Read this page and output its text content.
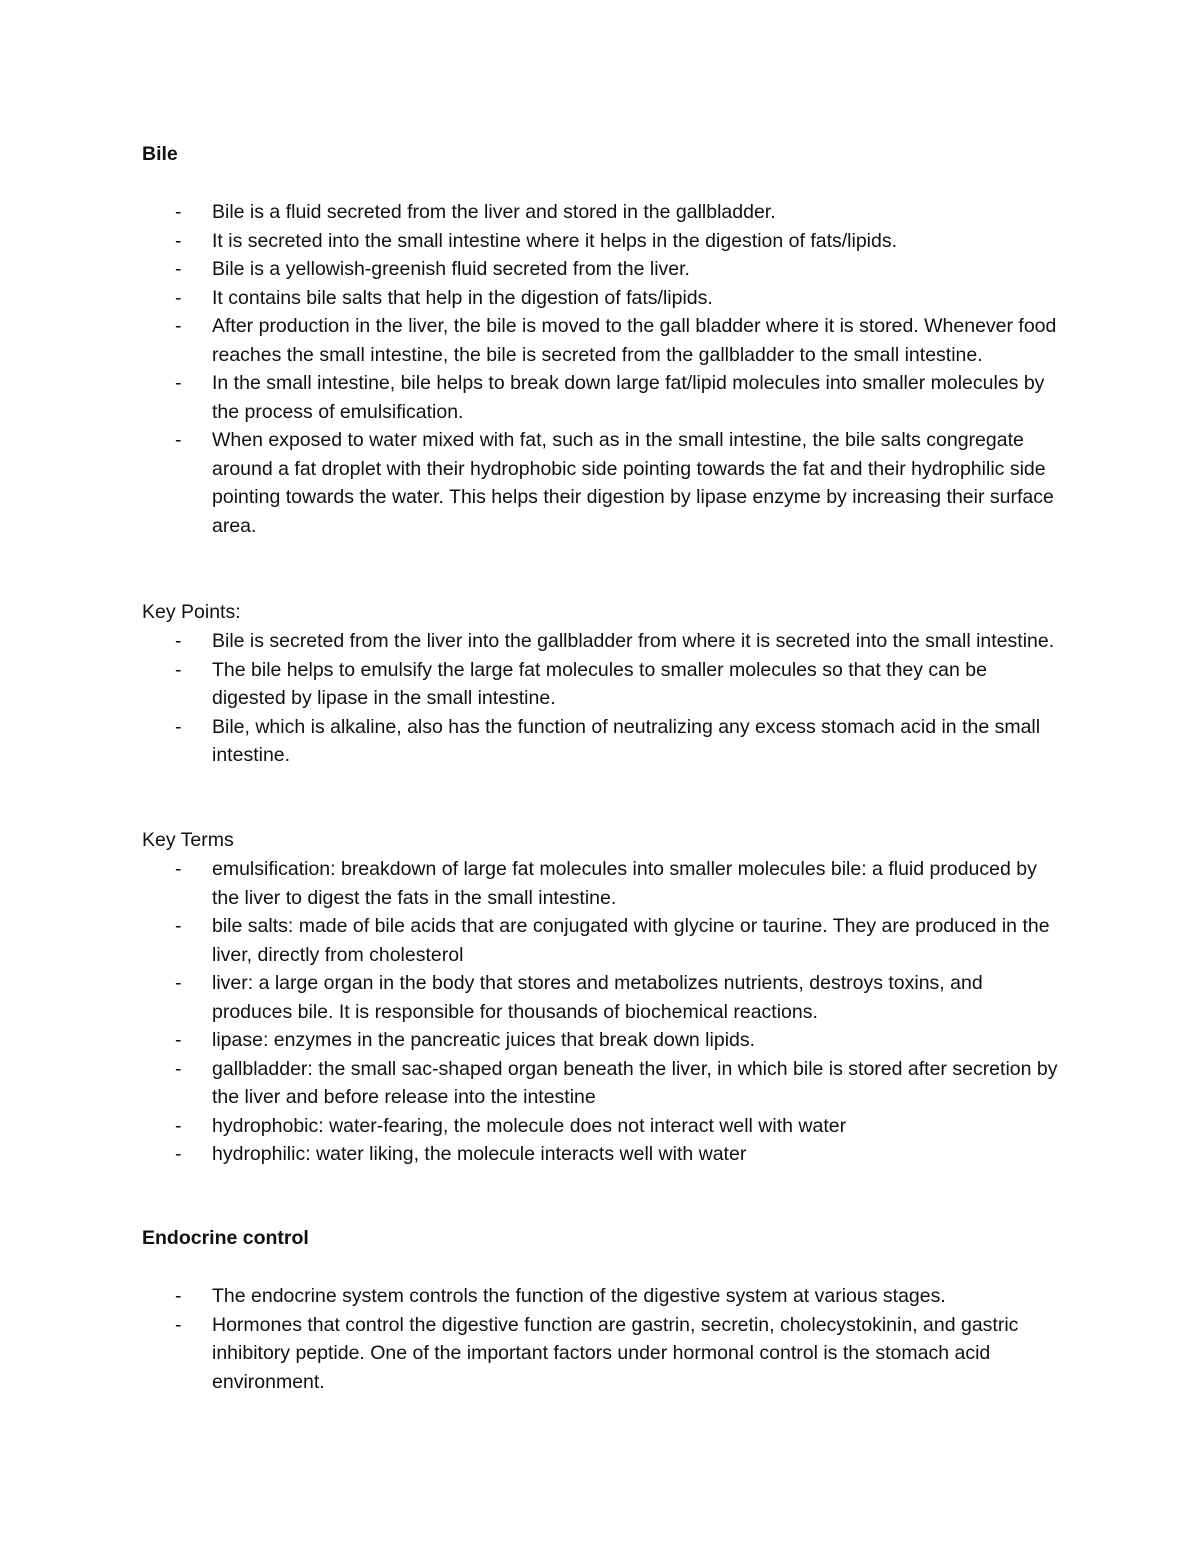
Bile
- Bile is a fluid secreted from the liver and stored in the gallbladder.
- It is secreted into the small intestine where it helps in the digestion of fats/lipids.
- Bile is a yellowish-greenish fluid secreted from the liver.
- It contains bile salts that help in the digestion of fats/lipids.
- After production in the liver, the bile is moved to the gall bladder where it is stored. Whenever food reaches the small intestine, the bile is secreted from the gallbladder to the small intestine.
- In the small intestine, bile helps to break down large fat/lipid molecules into smaller molecules by the process of emulsification.
- When exposed to water mixed with fat, such as in the small intestine, the bile salts congregate around a fat droplet with their hydrophobic side pointing towards the fat and their hydrophilic side pointing towards the water. This helps their digestion by lipase enzyme by increasing their surface area.

Key Points:

- Bile is secreted from the liver into the gallbladder from where it is secreted into the small intestine.
- The bile helps to emulsify the large fat molecules to smaller molecules so that they can be digested by lipase in the small intestine.
- Bile, which is alkaline, also has the function of neutralizing any excess stomach acid in the small intestine.

Key Terms

- emulsification: breakdown of large fat molecules into smaller molecules bile: a fluid produced by the liver to digest the fats in the small intestine.
- bile salts: made of bile acids that are conjugated with glycine or taurine. They are produced in the liver, directly from cholesterol
- liver: a large organ in the body that stores and metabolizes nutrients, destroys toxins, and produces bile. It is responsible for thousands of biochemical reactions.
- lipase: enzymes in the pancreatic juices that break down lipids.
- gallbladder: the small sac-shaped organ beneath the liver, in which bile is stored after secretion by the liver and before release into the intestine
- hydrophobic: water-fearing, the molecule does not interact well with water
- hydrophilic: water liking, the molecule interacts well with water
Endocrine control
- The endocrine system controls the function of the digestive system at various stages.
- Hormones that control the digestive function are gastrin, secretin, cholecystokinin, and gastric inhibitory peptide. One of the important factors under hormonal control is the stomach acid environment.
